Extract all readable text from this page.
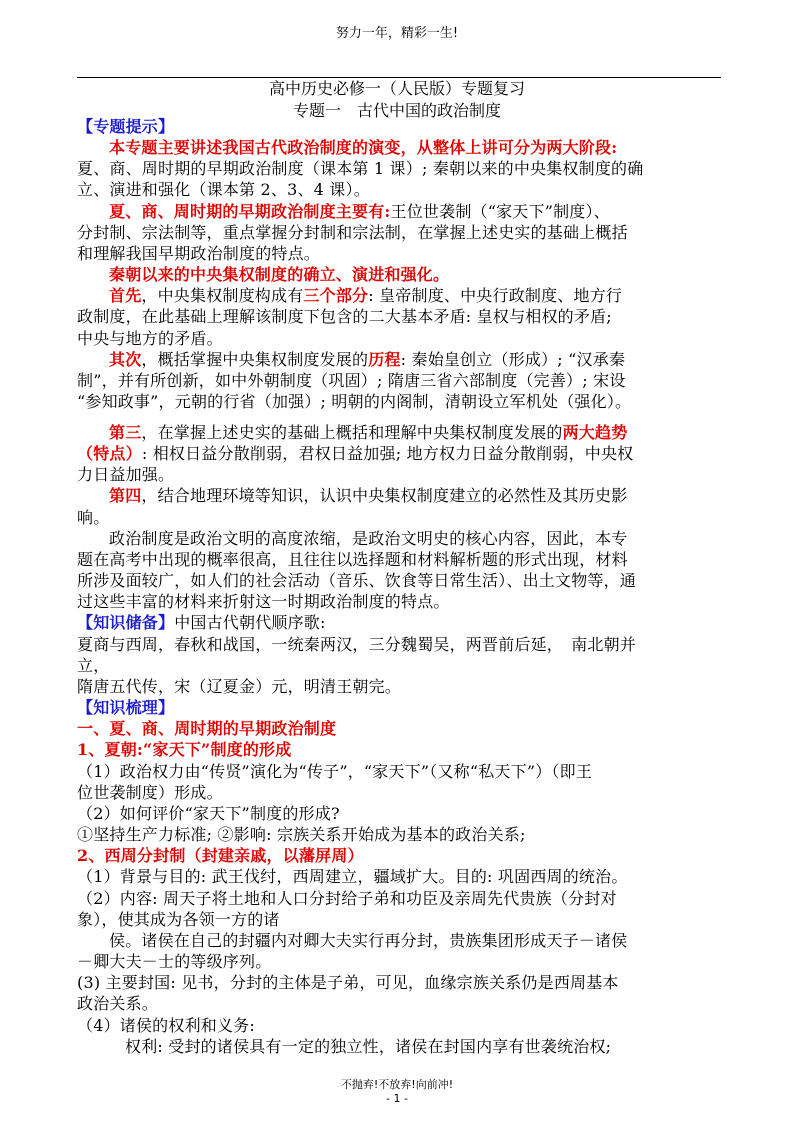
努力一年，精彩一生!
高中历史必修一（人民版）专题复习
专题一　古代中国的政治制度
【专题提示】
本专题主要讲述我国古代政治制度的演变，从整体上讲可分为两大阶段:
夏、商、周时期的早期政治制度（课本第 1 课）; 秦朝以来的中央集权制度的确
立、演进和强化（课本第 2、3、4 课）。
夏、商、周时期的早期政治制度主要有:王位世袭制（“家天下”制度）、
分封制、宗法制等，重点掌握分封制和宗法制，在掌握上述史实的基础上概括
和理解我国早期政治制度的特点。
秦朝以来的中央集权制度的确立、演进和强化。
首先，中央集权制度构成有三个部分: 皇帝制度、中央行政制度、地方行
政制度，在此基础上理解该制度下包含的二大基本矛盾: 皇权与相权的矛盾;
中央与地方的矛盾。
其次，概括掌握中央集权制度发展的历程: 秦始皇创立（形成）; “汉承秦
制”，并有所创新，如中外朝制度（巩固）; 隋唐三省六部制度（完善）; 宋设
“参知政事”，元朝的行省（加强）; 明朝的内阁制，清朝设立军机处（强化）。
第三，在掌握上述史实的基础上概括和理解中央集权制度发展的两大趋势
（特点）: 相权日益分散削弱，君权日益加强; 地方权力日益分散削弱，中央权
力日益加强。
第四，结合地理环境等知识，认识中央集权制度建立的必然性及其历史影
响。
政治制度是政治文明的高度浓缩，是政治文明史的核心内容，因此，本专
题在高考中出现的概率很高，且往往以选择题和材料解析题的形式出现，材料
所涉及面较广，如人们的社会活动（音乐、饮食等日常生活）、出土文物等，通
过这些丰富的材料来折射这一时期政治制度的特点。
【知识储备】中国古代朝代顺序歌:
夏商与西周，春秋和战国，一统秦两汉，三分魏蜀吴，两晋前后延，　南北朝并
立，
隋唐五代传，宋（辽夏金）元，明清王朝完。
【知识梳理】
一、夏、商、周时期的早期政治制度
1、夏朝:“家天下”制度的形成
（1）政治权力由“传贤”演化为“传子”，“家天下”（又称“私天下”）（即王
位世袭制度）形成。
（2）如何评价“家天下”制度的形成?
①坚持生产力标准; ②影响: 宗族关系开始成为基本的政治关系;
2、西周分封制（封建亲戚，以藩屏周）
（1）背景与目的: 武王伐纣，西周建立，疆域扩大。目的: 巩固西周的统治。
（2）内容: 周天子将土地和人口分封给子弟和功臣及亲周先代贵族（分封对
象），使其成为各领一方的诸
侯。诸侯在自己的封疆内对卿大夫实行再分封，贵族集团形成天子－诸侯
－卿大夫－士的等级序列。
(3) 主要封国: 见书，分封的主体是子弟，可见，血缘宗族关系仍是西周基本
政治关系。
（4）诸侯的权利和义务:
不抛弃!不放弃!向前冲!
- 1 -
权利: 受封的诸侯具有一定的独立性，诸侯在封国内享有世袭统治权;
